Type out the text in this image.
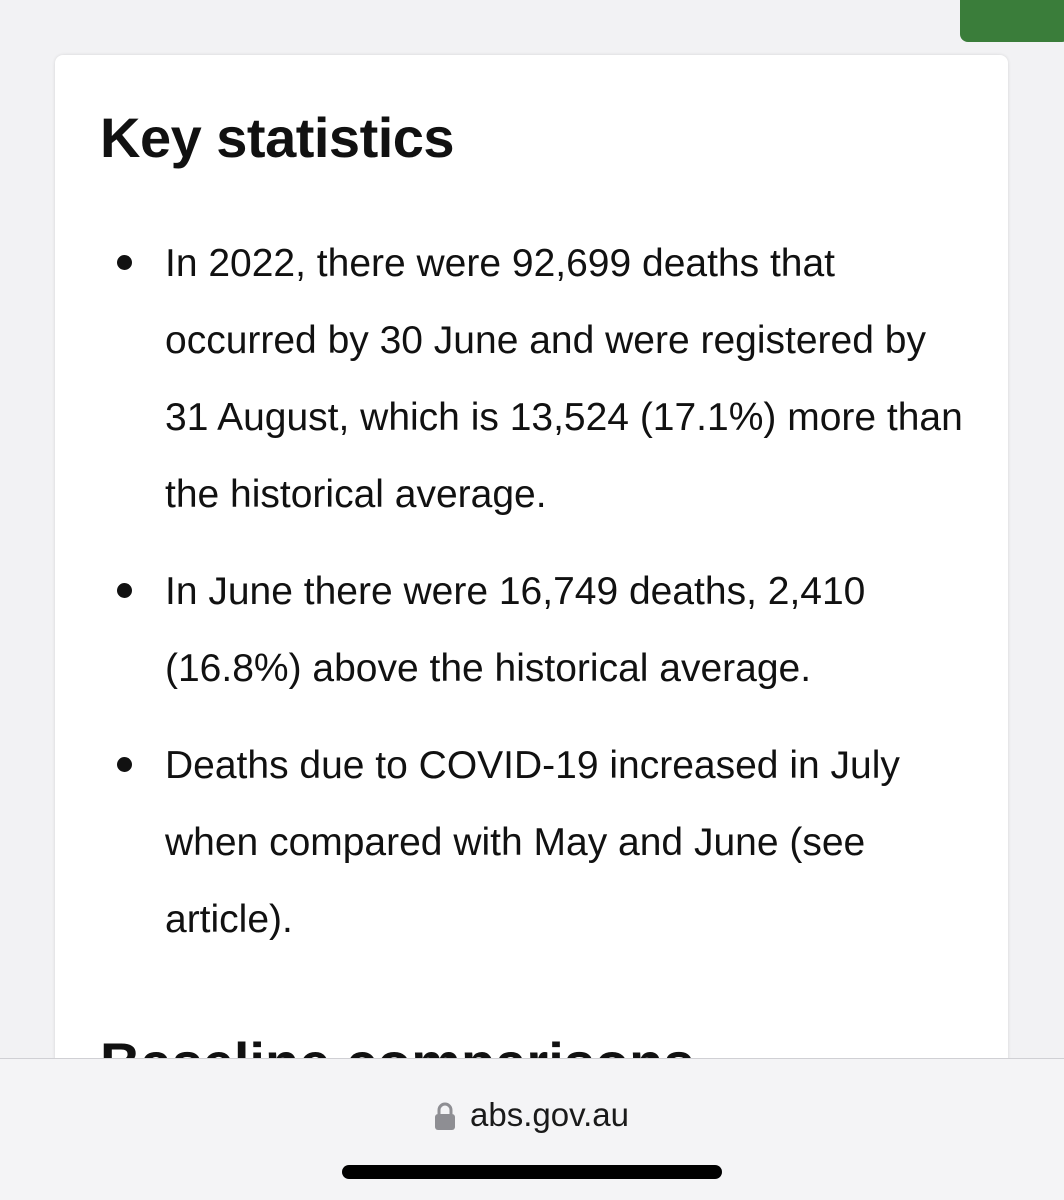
Key statistics
In 2022, there were 92,699 deaths that occurred by 30 June and were registered by 31 August, which is 13,524 (17.1%) more than the historical average.
In June there were 16,749 deaths, 2,410 (16.8%) above the historical average.
Deaths due to COVID-19 increased in July when compared with May and June (see article).
abs.gov.au
